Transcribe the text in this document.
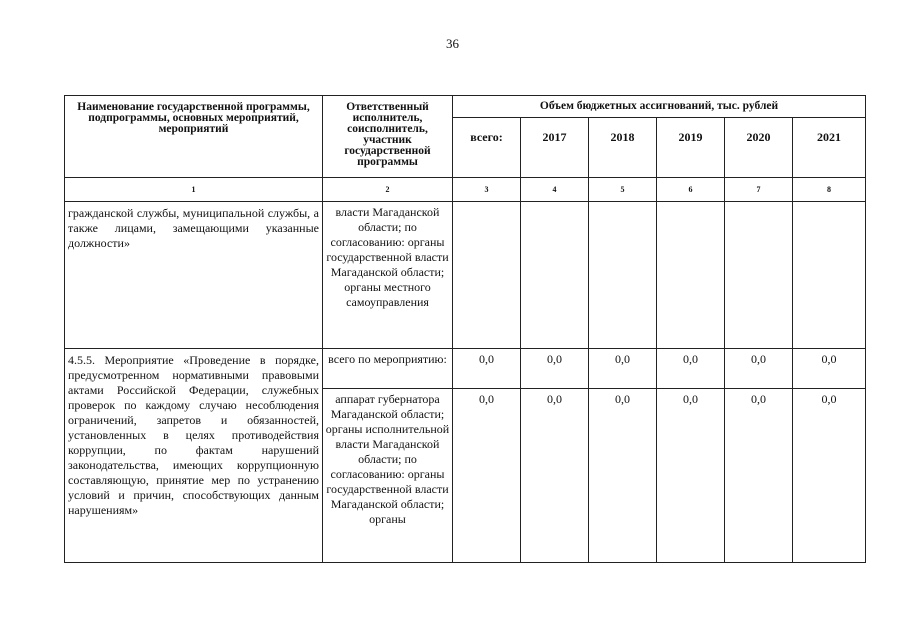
36
Наименование государственной программы, подпрограммы, основных мероприятий, мероприятий	Ответственный исполнитель, соисполнитель, участник государственной программы	Объем бюджетных ассигнований, тыс. рублей					
		всего:	2017	2018	2019	2020	2021
1	2	3	4	5	6	7	8
гражданской службы, муниципальной службы, а также лицами, замещающими указанные должности»	власти Магаданской области; по согласованию: органы государственной власти Магаданской области; органы местного самоуправления						
4.5.5. Мероприятие «Проведение в порядке, предусмотренном нормативными правовыми актами Российской Федерации, служебных проверок по каждому случаю несоблюдения ограничений, запретов и обязанностей, установленных в целях противодействия коррупции, по фактам нарушений законодательства, имеющих коррупционную составляющую, принятие мер по устранению условий и причин, способствующих данным нарушениям»	всего по мероприятию:	0,0	0,0	0,0	0,0	0,0	0,0
	аппарат губернатора Магаданской области; органы исполнительной власти Магаданской области; по согласованию: органы государственной власти Магаданской области; органы	0,0	0,0	0,0	0,0	0,0	0,0
